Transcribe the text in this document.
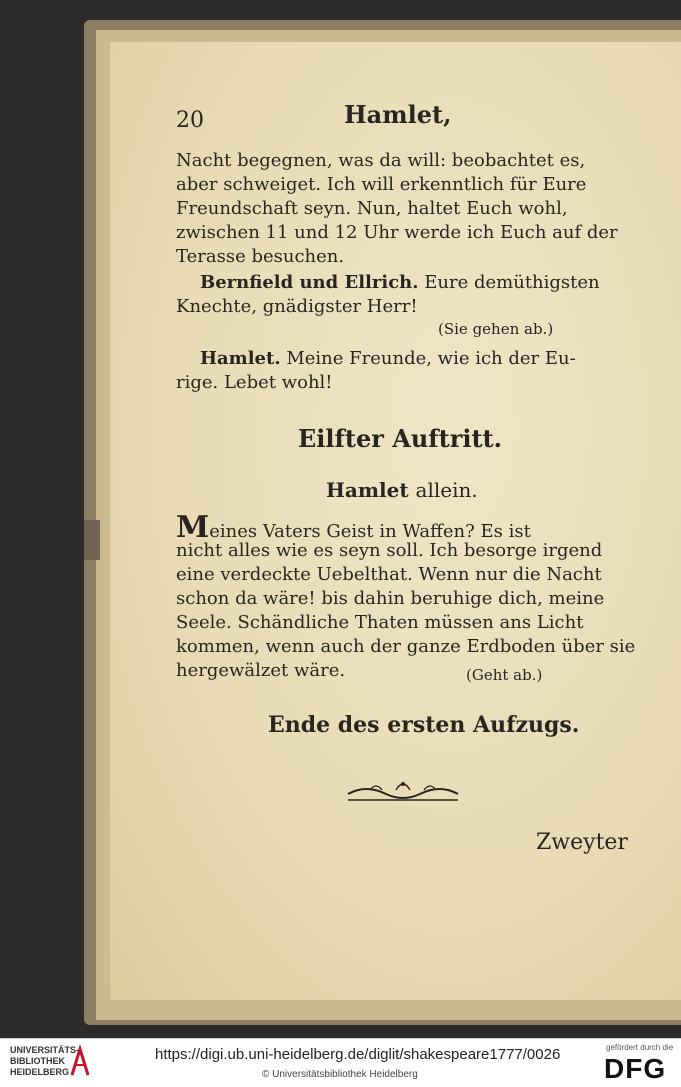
20	Hamlet,
Nacht begegnen, was da will: beobachtet es,
aber schweiget. Ich will erkenntlich für Eure
Freundschaft seyn. Nun, haltet Euch wohl,
zwischen 11 und 12 Uhr werde ich Euch auf der
Terasse besuchen.
Bernfield und Ellrich. Eure demüthigsten
Knechte, gnädigster Herr!
(Sie gehen ab.)
Hamlet. Meine Freunde, wie ich der Eu-
rige. Lebet wohl!
Eilfter Auftritt.
Hamlet allein.
Meines Vaters Geist in Waffen? Es ist
nicht alles wie es seyn soll. Ich besorge irgend
eine verdeckte Uebelthat. Wenn nur die Nacht
schon da wäre! bis dahin beruhige dich, meine
Seele. Schändliche Thaten müssen ans Licht
kommen, wenn auch der ganze Erdboden über sie
hergewälzet wäre.	(Geht ab.)
Ende des ersten Aufzugs.
Zweyter
UNIVERSITÄTS-
BIBLIOTHEK
HEIDELBERG
https://digi.ub.uni-heidelberg.de/diglit/shakespeare1777/0026
© Universitätsbibliothek Heidelberg
gefördert durch die
DFG
